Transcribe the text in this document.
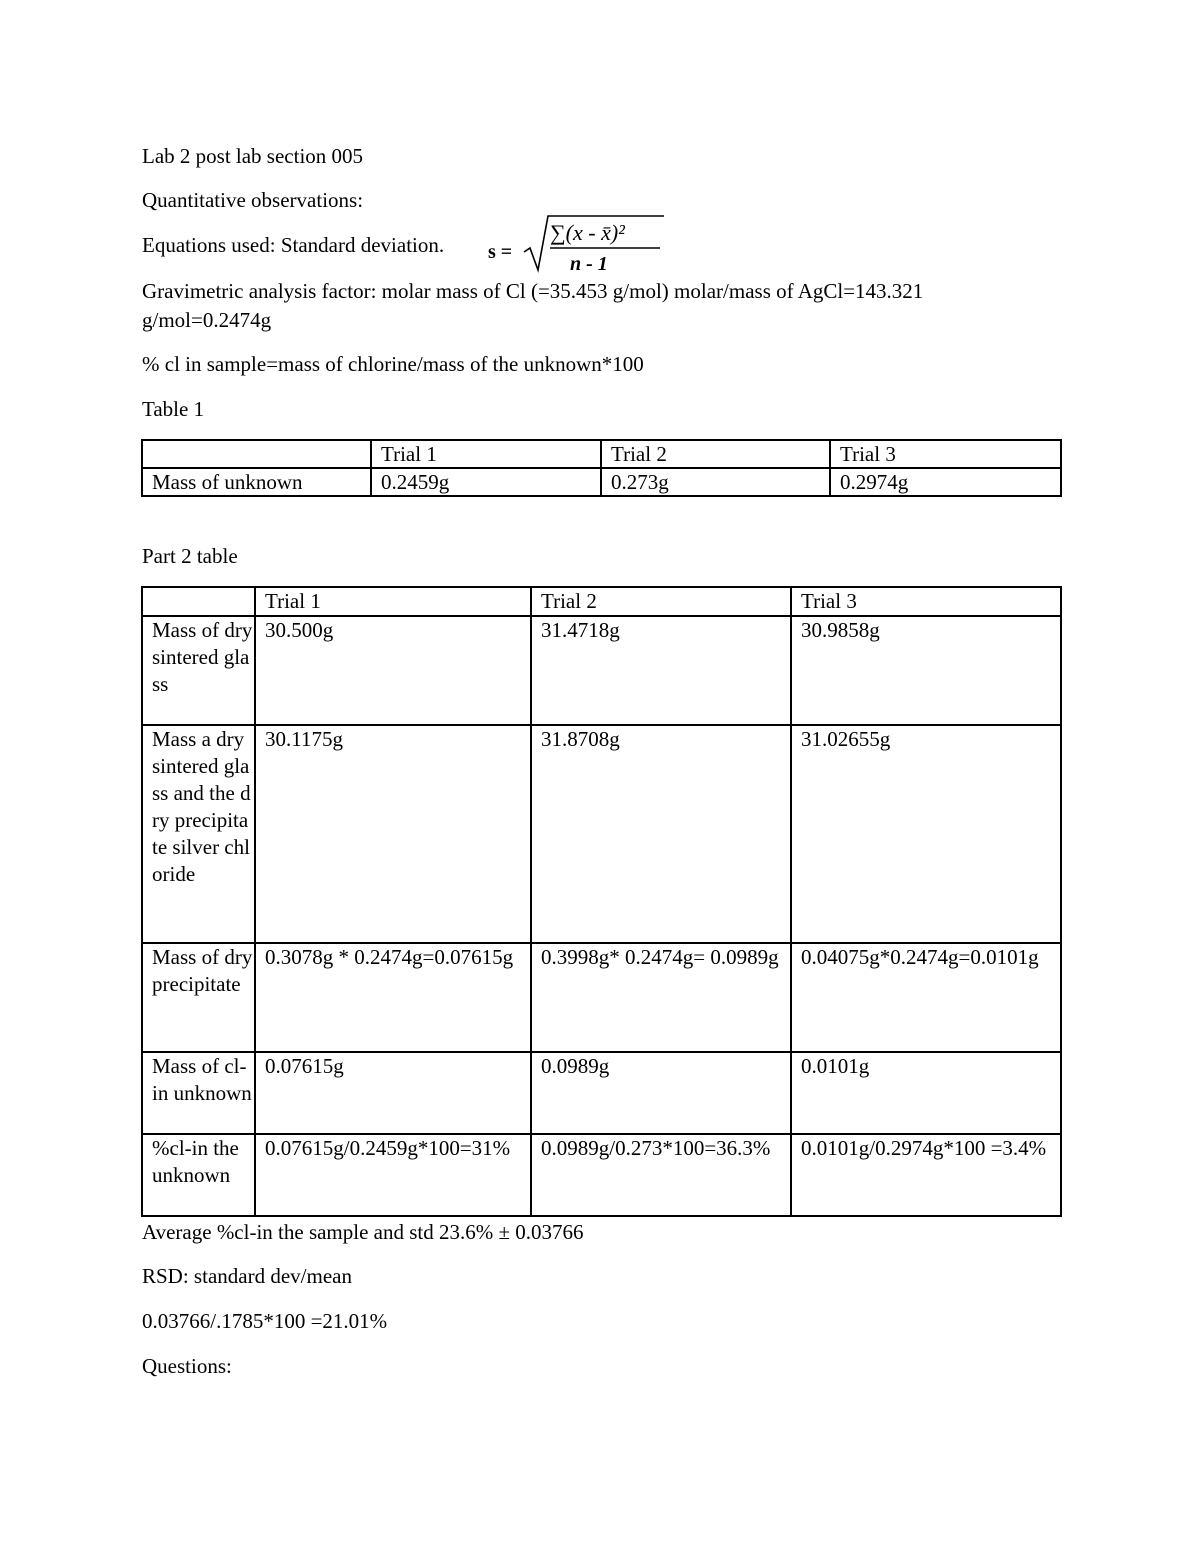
Lab 2 post lab section 005
Quantitative observations:
Equations used: Standard deviation. s =
∑(x - x̄)²
n - 1
Gravimetric analysis factor: molar mass of Cl (=35.453 g/mol) molar/mass of AgCl=143.321
g/mol=0.2474g
% cl in sample=mass of chlorine/mass of the unknown*100
Table 1
	Trial 1	Trial 2	Trial 3
Mass of unknown	0.2459g	0.273g	0.2974g
Part 2 table
	Trial 1	Trial 2	Trial 3
Mass of dry sintered glass	30.500g	31.4718g	30.9858g
Mass a dry sintered glass and the dry precipitate silver chloride	30.1175g	31.8708g	31.02655g
Mass of dry precipitate	0.3078g * 0.2474g=0.07615g	0.3998g* 0.2474g= 0.0989g	0.04075g*0.2474g=0.0101g
Mass of cl- in unknown	0.07615g	0.0989g	0.0101g
%cl-in the unknown	0.07615g/0.2459g*100=31%	0.0989g/0.273*100=36.3%	0.0101g/0.2974g*100 =3.4%
Average %cl-in the sample and std 23.6% ± 0.03766
RSD: standard dev/mean
0.03766/.1785*100 =21.01%
Questions:
